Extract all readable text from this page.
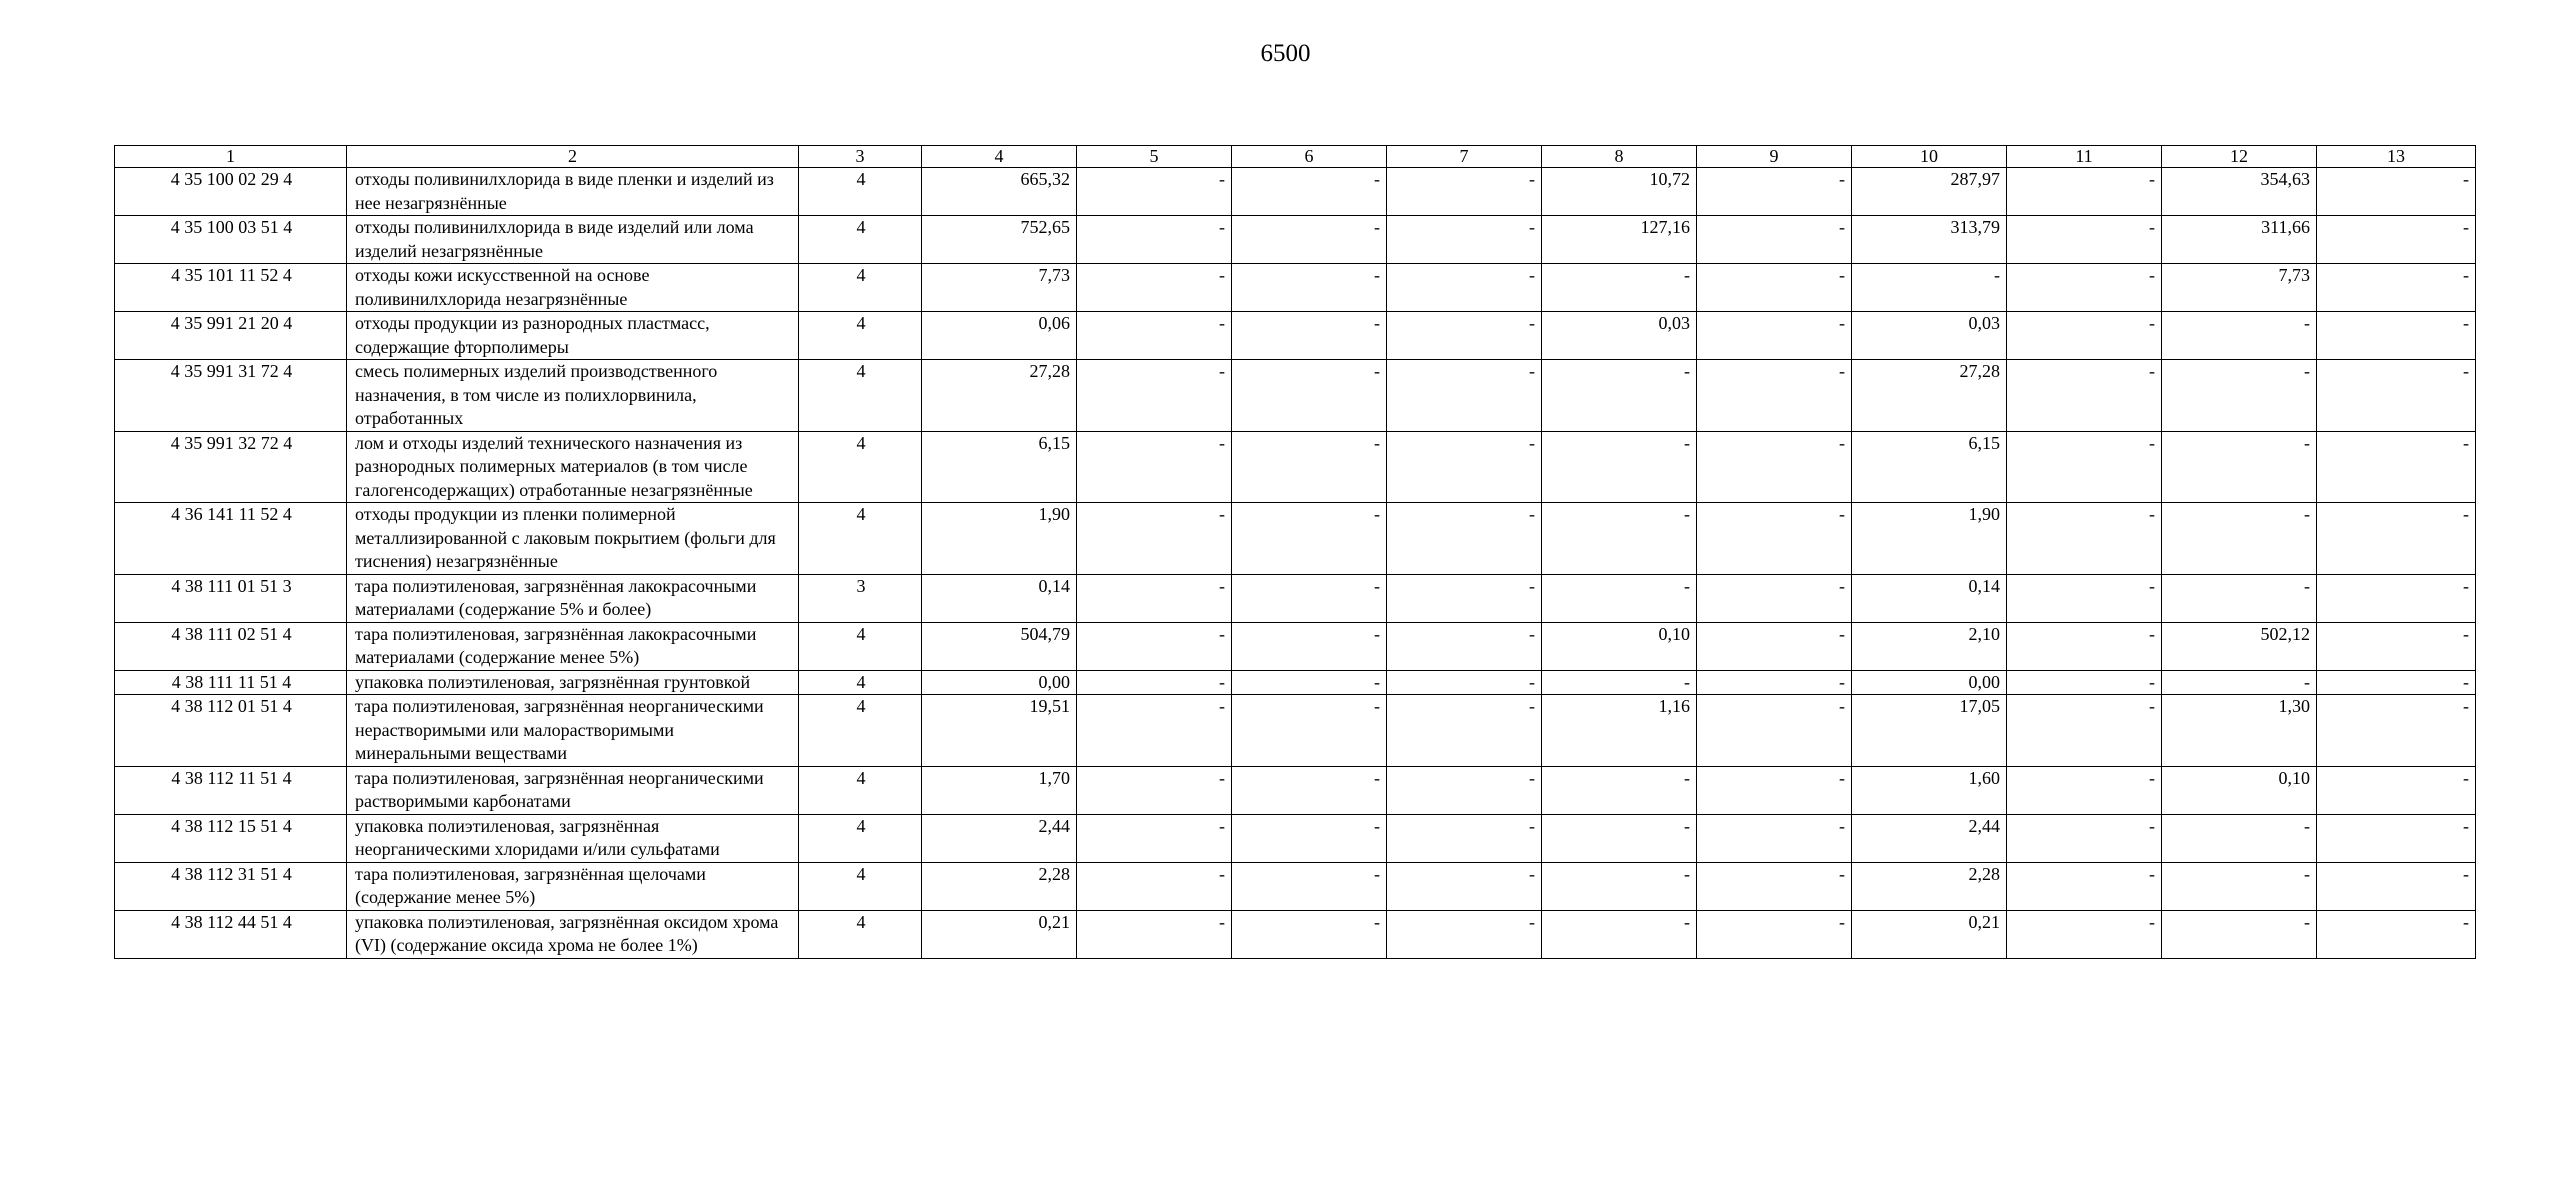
6500
1	2	3	4	5	6	7	8	9	10	11	12	13
4 35 100 02 29 4	отходы поливинилхлорида в виде пленки и изделий из нее незагрязнённые	4	665,32	-	-	-	10,72	-	287,97	-	354,63	-
4 35 100 03 51 4	отходы поливинилхлорида в виде изделий или лома изделий незагрязнённые	4	752,65	-	-	-	127,16	-	313,79	-	311,66	-
4 35 101 11 52 4	отходы кожи искусственной на основе поливинилхлорида незагрязнённые	4	7,73	-	-	-	-	-	-	-	7,73	-
4 35 991 21 20 4	отходы продукции из разнородных пластмасс, содержащие фторполимеры	4	0,06	-	-	-	0,03	-	0,03	-	-	-
4 35 991 31 72 4	смесь полимерных изделий производственного назначения, в том числе из полихлорвинила, отработанных	4	27,28	-	-	-	-	-	27,28	-	-	-
4 35 991 32 72 4	лом и отходы изделий технического назначения из разнородных полимерных материалов (в том числе галогенсодержащих) отработанные незагрязнённые	4	6,15	-	-	-	-	-	6,15	-	-	-
4 36 141 11 52 4	отходы продукции из пленки полимерной металлизированной с лаковым покрытием (фольги для тиснения) незагрязнённые	4	1,90	-	-	-	-	-	1,90	-	-	-
4 38 111 01 51 3	тара полиэтиленовая, загрязнённая лакокрасочными материалами (содержание 5% и более)	3	0,14	-	-	-	-	-	0,14	-	-	-
4 38 111 02 51 4	тара полиэтиленовая, загрязнённая лакокрасочными материалами (содержание менее 5%)	4	504,79	-	-	-	0,10	-	2,10	-	502,12	-
4 38 111 11 51 4	упаковка полиэтиленовая, загрязнённая грунтовкой	4	0,00	-	-	-	-	-	0,00	-	-	-
4 38 112 01 51 4	тара полиэтиленовая, загрязнённая неорганическими нерастворимыми или малорастворимыми минеральными веществами	4	19,51	-	-	-	1,16	-	17,05	-	1,30	-
4 38 112 11 51 4	тара полиэтиленовая, загрязнённая неорганическими растворимыми карбонатами	4	1,70	-	-	-	-	-	1,60	-	0,10	-
4 38 112 15 51 4	упаковка полиэтиленовая, загрязнённая неорганическими хлоридами и/или сульфатами	4	2,44	-	-	-	-	-	2,44	-	-	-
4 38 112 31 51 4	тара полиэтиленовая, загрязнённая щелочами (содержание менее 5%)	4	2,28	-	-	-	-	-	2,28	-	-	-
4 38 112 44 51 4	упаковка полиэтиленовая, загрязнённая оксидом хрома (VI) (содержание оксида хрома не более 1%)	4	0,21	-	-	-	-	-	0,21	-	-	-
